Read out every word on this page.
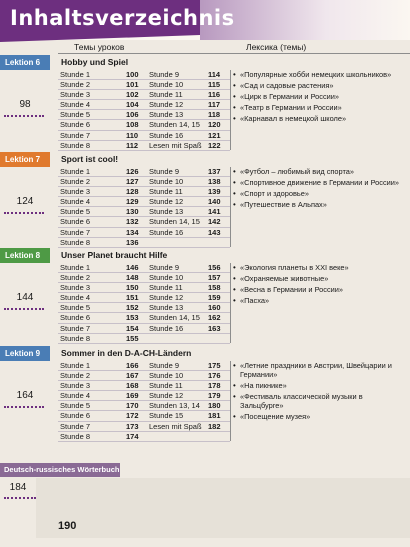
Inhaltsverzeichnis
Темы уроков	Лексика (темы)
Lektion 6	Hobby und Spiel
98
Stunde 1	100 Stunde 9	114
Stunde 2	101 Stunde 10	115
Stunde 3	102 Stunde 11	116
Stunde 4	104 Stunde 12	117
Stunde 5	106 Stunde 13	118
Stunde 6	108 Stunden 14, 15 120
Stunde 7	110 Stunde 16	121
Stunde 8	112 Lesen mit Spaß 122
• «Популярные хобби немецких школьников»
• «Сад и садовые растения»
• «Цирк в Германии и России»
• «Театр в Германии и России»
• «Карнавал в немецкой школе»
Lektion 7	Sport ist cool!
124
Stunde 1	126 Stunde 9	137
Stunde 2	127 Stunde 10	138
Stunde 3	128 Stunde 11	139
Stunde 4	129 Stunde 12	140
Stunde 5	130 Stunde 13	141
Stunde 6	132 Stunden 14, 15 142
Stunde 7	134 Stunde 16	143
Stunde 8	136
• «Футбол – любимый вид спорта»
• «Спортивное движение в Германии и России»
• «Спорт и здоровье»
• «Путешествие в Альпах»
Lektion 8	Unser Planet braucht Hilfe
144
Stunde 1	146 Stunde 9	156
Stunde 2	148 Stunde 10	157
Stunde 3	150 Stunde 11	158
Stunde 4	151 Stunde 12	159
Stunde 5	152 Stunde 13	160
Stunde 6	153 Stunden 14, 15 162
Stunde 7	154 Stunde 16	163
Stunde 8	155
• «Экология планеты в XXI веке»
• «Охраняемые животные»
• «Весна в Германии и России»
• «Пасха»
Lektion 9	Sommer in den D-A-CH-Ländern
164
Stunde 1	166 Stunde 9	175
Stunde 2	167 Stunde 10	176
Stunde 3	168 Stunde 11	178
Stunde 4	169 Stunde 12	179
Stunde 5	170 Stunden 13, 14 180
Stunde 6	172 Stunde 15	181
Stunde 7	173 Lesen mit Spaß 182
Stunde 8	174
• «Летние праздники в Австрии, Швейцарии и Германии»
• «На пикнике»
• «Фестиваль классической музыки в Зальцбурге»
• «Посещение музея»
Deutsch-russisches Wörterbuch
184
190
